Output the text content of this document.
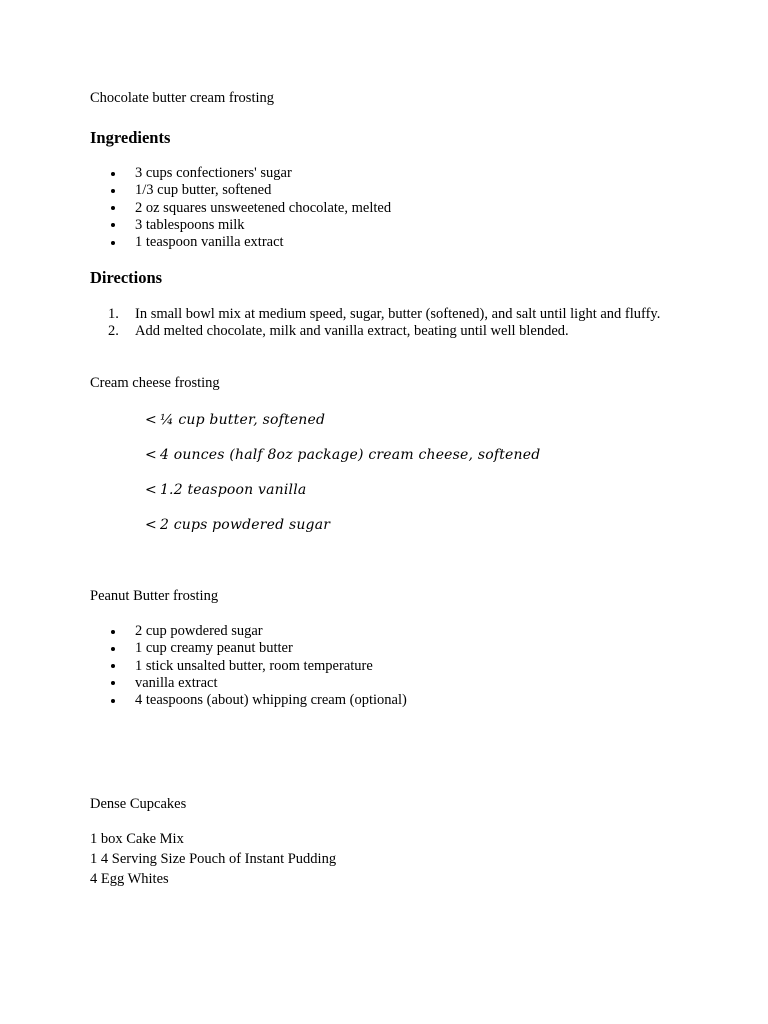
Chocolate butter cream frosting

Ingredients

3 cups confectioners' sugar
1/3 cup butter, softened
2 oz squares unsweetened chocolate, melted
3 tablespoons milk
1 teaspoon vanilla extract

Directions

1. In small bowl mix at medium speed, sugar, butter (softened), and salt until light and fluffy.
2. Add melted chocolate, milk and vanilla extract, beating until well blended.

Cream cheese frosting

< ¼ cup butter, softened
< 4 ounces (half 8oz package) cream cheese, softened
< 1.2 teaspoon vanilla
< 2 cups powdered sugar

Peanut Butter frosting

2 cup powdered sugar
1 cup creamy peanut butter
1 stick unsalted butter, room temperature
vanilla extract
4 teaspoons (about) whipping cream (optional)

Dense Cupcakes

1 box Cake Mix

1 4 Serving Size Pouch of Instant Pudding

4 Egg Whites
